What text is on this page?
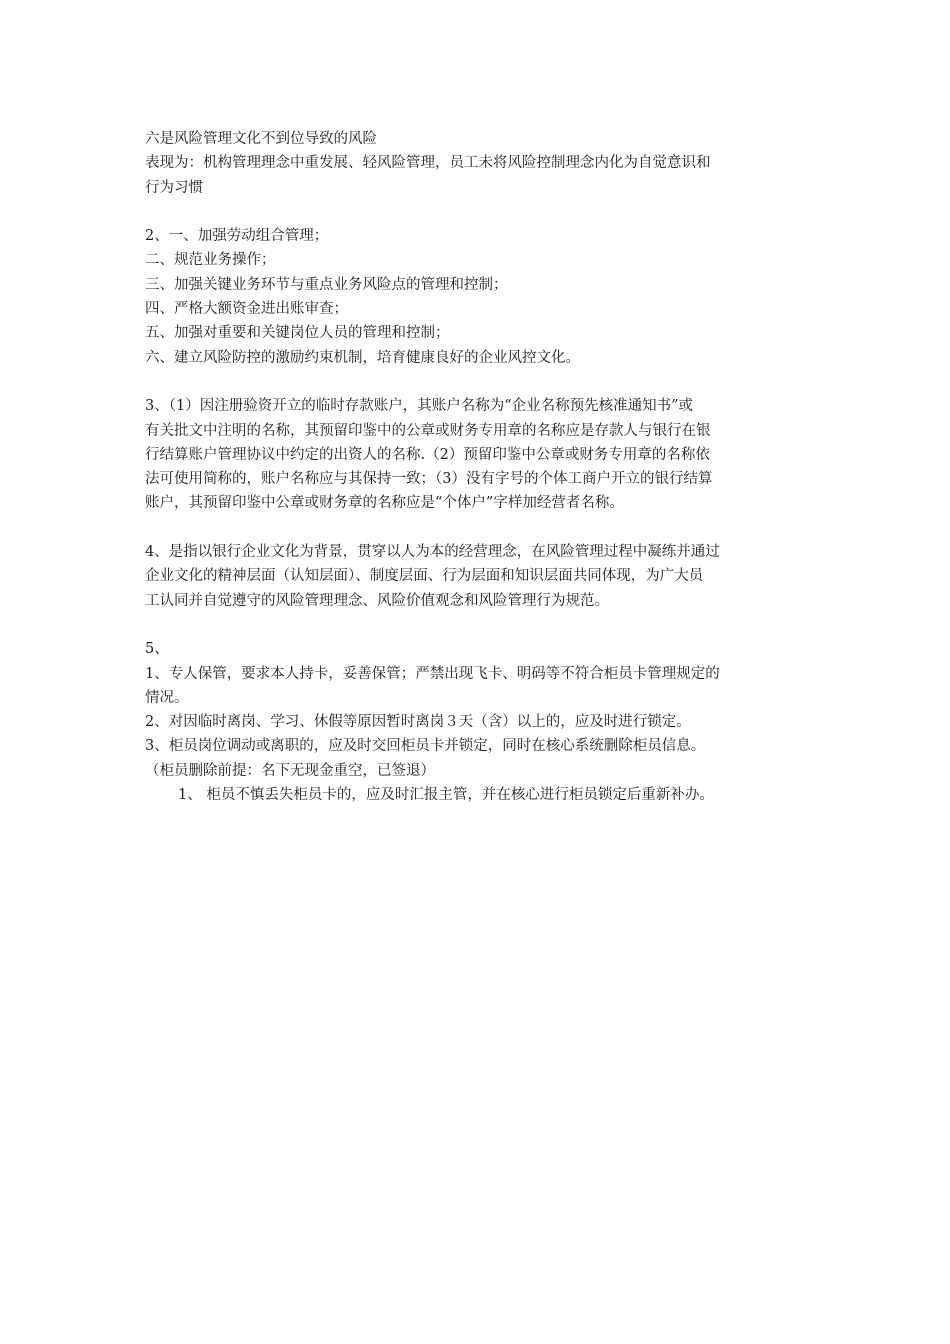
六是风险管理文化不到位导致的风险

表现为：机构管理理念中重发展、轻风险管理，员工未将风险控制理念内化为自觉意识和

行为习惯

2、一、加强劳动组合管理；

二、规范业务操作；

三、加强关键业务环节与重点业务风险点的管理和控制；

四、严格大额资金进出账审查；

五、加强对重要和关键岗位人员的管理和控制；

六、建立风险防控的激励约束机制，培育健康良好的企业风控文化。

3、（1）因注册验资开立的临时存款账户，其账户名称为“企业名称预先核准通知书”或

有关批文中注明的名称，其预留印鉴中的公章或财务专用章的名称应是存款人与银行在银

行结算账户管理协议中约定的出资人的名称.（2）预留印鉴中公章或财务专用章的名称依

法可使用简称的，账户名称应与其保持一致；（3）没有字号的个体工商户开立的银行结算

账户，其预留印鉴中公章或财务章的名称应是“个体户”字样加经营者名称。

4、是指以银行企业文化为背景，贯穿以人为本的经营理念，在风险管理过程中凝练并通过

企业文化的精神层面（认知层面）、制度层面、行为层面和知识层面共同体现，为广大员

工认同并自觉遵守的风险管理理念、风险价值观念和风险管理行为规范。

5、

1、专人保管，要求本人持卡，妥善保管；严禁出现飞卡、明码等不符合柜员卡管理规定的

情况。

2、对因临时离岗、学习、休假等原因暂时离岗３天（含）以上的，应及时进行锁定。

3、柜员岗位调动或离职的，应及时交回柜员卡并锁定，同时在核心系统删除柜员信息。

（柜员删除前提：名下无现金重空，已签退）

1、 柜员不慎丢失柜员卡的，应及时汇报主管，并在核心进行柜员锁定后重新补办。
